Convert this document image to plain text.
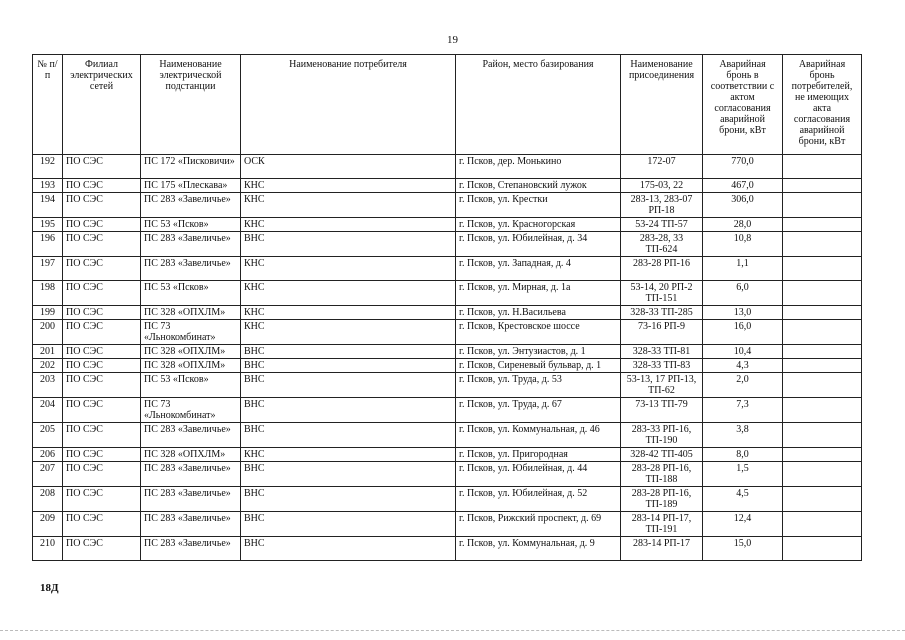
19
№ п/п	Филиал электрических сетей	Наименование электрической подстанции	Наименование потребителя	Район, место базирования	Наименование присоединения	Аварийная бронь в соответствии с актом согласования аварийной брони, кВт	Аварийная бронь потребителей, не имеющих акта согласования аварийной брони, кВт
192	ПО СЭС	ПС 172 «Писковичи»	ОСК	г. Псков, дер. Монькино	172-07	770,0	
193	ПО СЭС	ПС 175 «Плескава»	КНС	г. Псков, Степановский лужок	175-03, 22	467,0	
194	ПО СЭС	ПС 283 «Завеличье»	КНС	г. Псков, ул. Крестки	283-13, 283-07 РП-18	306,0	
195	ПО СЭС	ПС 53 «Псков»	КНС	г. Псков, ул. Красногорская	53-24 ТП-57	28,0	
196	ПО СЭС	ПС 283 «Завеличье»	ВНС	г. Псков, ул. Юбилейная, д. 34	283-28, 33 ТП-624	10,8	
197	ПО СЭС	ПС 283 «Завеличье»	КНС	г. Псков, ул. Западная, д. 4	283-28 РП-16	1,1	
198	ПО СЭС	ПС 53 «Псков»	КНС	г. Псков, ул. Мирная, д. 1а	53-14, 20 РП-2 ТП-151	6,0	
199	ПО СЭС	ПС 328 «ОПХЛМ»	КНС	г. Псков, ул. Н.Васильева	328-33 ТП-285	13,0	
200	ПО СЭС	ПС 73 «Льнокомбинат»	КНС	г. Псков, Крестовское шоссе	73-16 РП-9	16,0	
201	ПО СЭС	ПС 328 «ОПХЛМ»	ВНС	г. Псков, ул. Энтузиастов, д. 1	328-33 ТП-81	10,4	
202	ПО СЭС	ПС 328 «ОПХЛМ»	ВНС	г. Псков, Сиреневый бульвар, д. 1	328-33 ТП-83	4,3	
203	ПО СЭС	ПС 53 «Псков»	ВНС	г. Псков, ул. Труда, д. 53	53-13, 17 РП-13, ТП-62	2,0	
204	ПО СЭС	ПС 73 «Льнокомбинат»	ВНС	г. Псков, ул. Труда, д. 67	73-13 ТП-79	7,3	
205	ПО СЭС	ПС 283 «Завеличье»	ВНС	г. Псков, ул. Коммунальная, д. 46	283-33 РП-16, ТП-190	3,8	
206	ПО СЭС	ПС 328 «ОПХЛМ»	КНС	г. Псков, ул. Пригородная	328-42 ТП-405	8,0	
207	ПО СЭС	ПС 283 «Завеличье»	ВНС	г. Псков, ул. Юбилейная, д. 44	283-28 РП-16, ТП-188	1,5	
208	ПО СЭС	ПС 283 «Завеличье»	ВНС	г. Псков, ул. Юбилейная, д. 52	283-28 РП-16, ТП-189	4,5	
209	ПО СЭС	ПС 283 «Завеличье»	ВНС	г. Псков, Рижский проспект, д. 69	283-14 РП-17, ТП-191	12,4	
210	ПО СЭС	ПС 283 «Завеличье»	ВНС	г. Псков, ул. Коммунальная, д. 9	283-14 РП-17	15,0	
18Д
